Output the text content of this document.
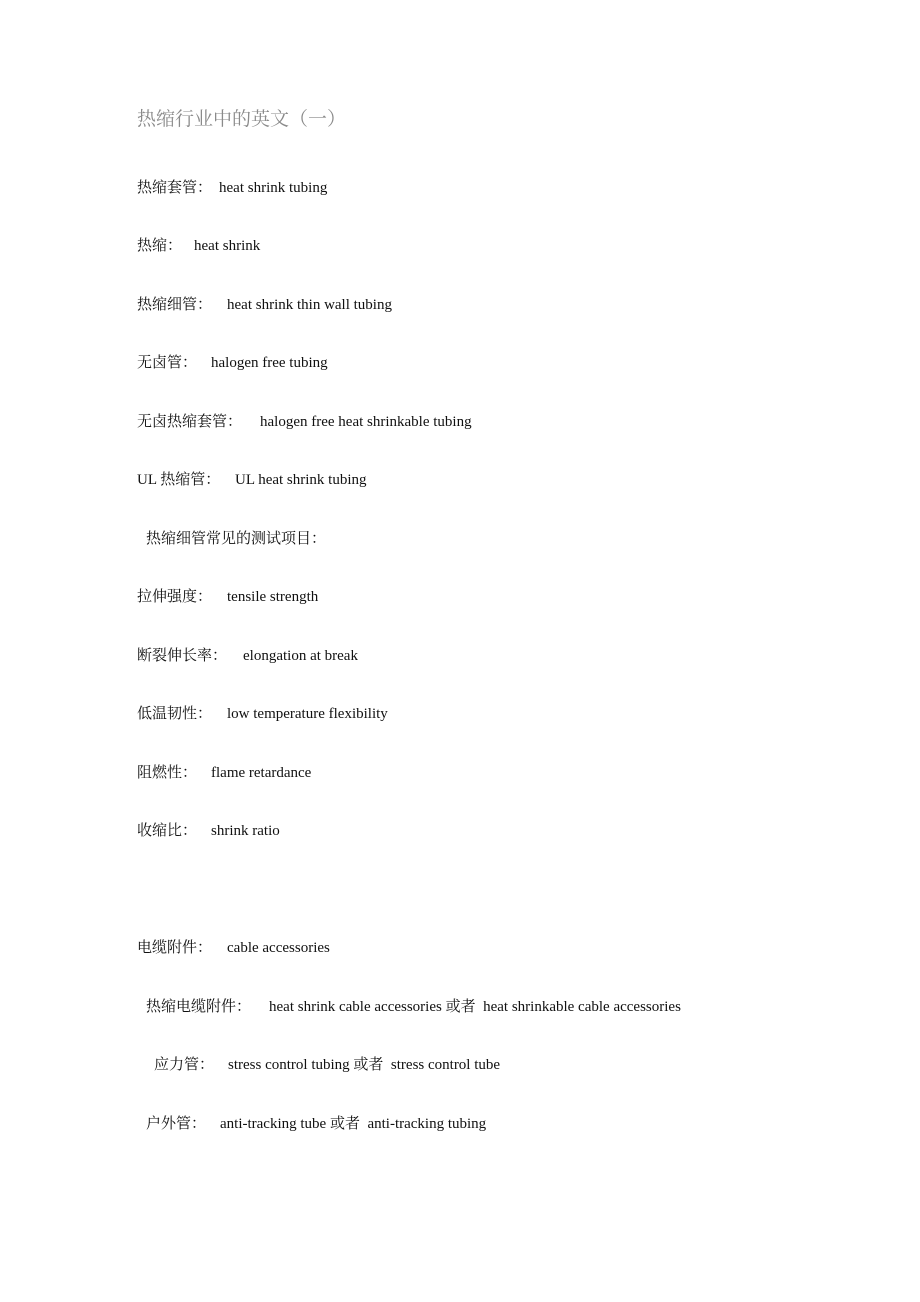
热缩行业中的英文（一）
热缩套管： heat shrink tubing
热缩： heat shrink
热缩细管： heat shrink thin wall tubing
无卤管： halogen free tubing
无卤热缩套管： halogen free heat shrinkable tubing
UL 热缩管： UL heat shrink tubing
热缩细管常见的测试项目：
拉伸强度： tensile strength
断裂伸长率： elongation at break
低温韧性： low temperature flexibility
阻燃性： flame retardance
收缩比： shrink ratio
电缆附件： cable accessories
热缩电缆附件： heat shrink cable accessories 或者  heat shrinkable cable accessories
应力管： stress control tubing 或者  stress control tube
户外管： anti-tracking tube 或者  anti-tracking tubing
